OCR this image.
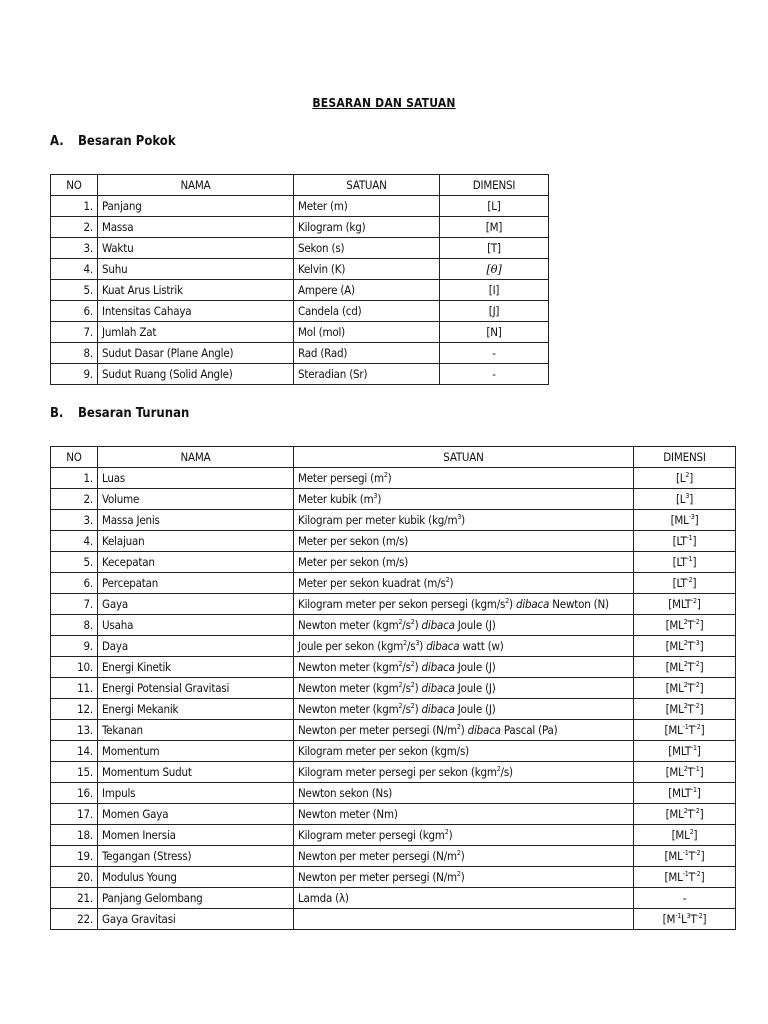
BESARAN DAN SATUAN
A. Besaran Pokok
NO	NAMA	SATUAN	DIMENSI
1.	Panjang	Meter (m)	[L]
2.	Massa	Kilogram (kg)	[M]
3.	Waktu	Sekon (s)	[T]
4.	Suhu	Kelvin (K)	[θ]
5.	Kuat Arus Listrik	Ampere (A)	[I]
6.	Intensitas Cahaya	Candela (cd)	[J]
7.	Jumlah Zat	Mol (mol)	[N]
8.	Sudut Dasar (Plane Angle)	Rad (Rad)	-
9.	Sudut Ruang (Solid Angle)	Steradian (Sr)	-
B. Besaran Turunan
NO	NAMA	SATUAN	DIMENSI
1.	Luas	Meter persegi $(m^2)$	$[L^2]$
2.	Volume	Meter kubik $(m^3)$	$[L^3]$
3.	Massa Jenis	Kilogram per meter kubik $(kg/m^3)$	$[ML^{-3}]$
4.	Kelajuan	Meter per sekon (m/s)	$[LT^{-1}]$
5.	Kecepatan	Meter per sekon (m/s)	$[LT^{-1}]$
6.	Percepatan	Meter per sekon kuadrat $(m/s^2)$	$[LT^{-2}]$
7.	Gaya	Kilogram meter per sekon persegi $(kgm/s^2)$ dibaca Newton (N)	$[MLT^{-2}]$
8.	Usaha	Newton meter $(kgm^2/s^2)$ dibaca Joule (J)	$[ML^2T^{-2}]$
9.	Daya	Joule per sekon $(kgm^2/s^3)$ dibaca watt (w)	$[ML^2T^{-3}]$
10.	Energi Kinetik	Newton meter $(kgm^2/s^2)$ dibaca Joule (J)	$[ML^2T^{-2}]$
11.	Energi Potensial Gravitasi	Newton meter $(kgm^2/s^2)$ dibaca Joule (J)	$[ML^2T^{-2}]$
12.	Energi Mekanik	Newton meter $(kgm^2/s^2)$ dibaca Joule (J)	$[ML^2T^{-2}]$
13.	Tekanan	Newton per meter persegi $(N/m^2)$ dibaca Pascal (Pa)	$[ML^{-1}T^{-2}]$
14.	Momentum	Kilogram meter per sekon (kgm/s)	$[MLT^{-1}]$
15.	Momentum Sudut	Kilogram meter persegi per sekon (kgm$^2$/s)	$[ML^2T^{-1}]$
16.	Impuls	Newton sekon (Ns)	$[MLT^{-1}]$
17.	Momen Gaya	Newton meter (Nm)	$[ML^2T^{-2}]$
18.	Momen Inersia	Kilogram meter persegi (kgm$^2$)	$[ML^2]$
19.	Tegangan (Stress)	Newton per meter persegi $(N/m^2)$	$[ML^{-1}T^{-2}]$
20.	Modulus Young	Newton per meter persegi $(N/m^2)$	$[ML^{-1}T^{-2}]$
21.	Panjang Gelombang	Lamda (λ)	-
22.	Gaya Gravitasi		$[M^{-1}L^3T^{-2}]$
